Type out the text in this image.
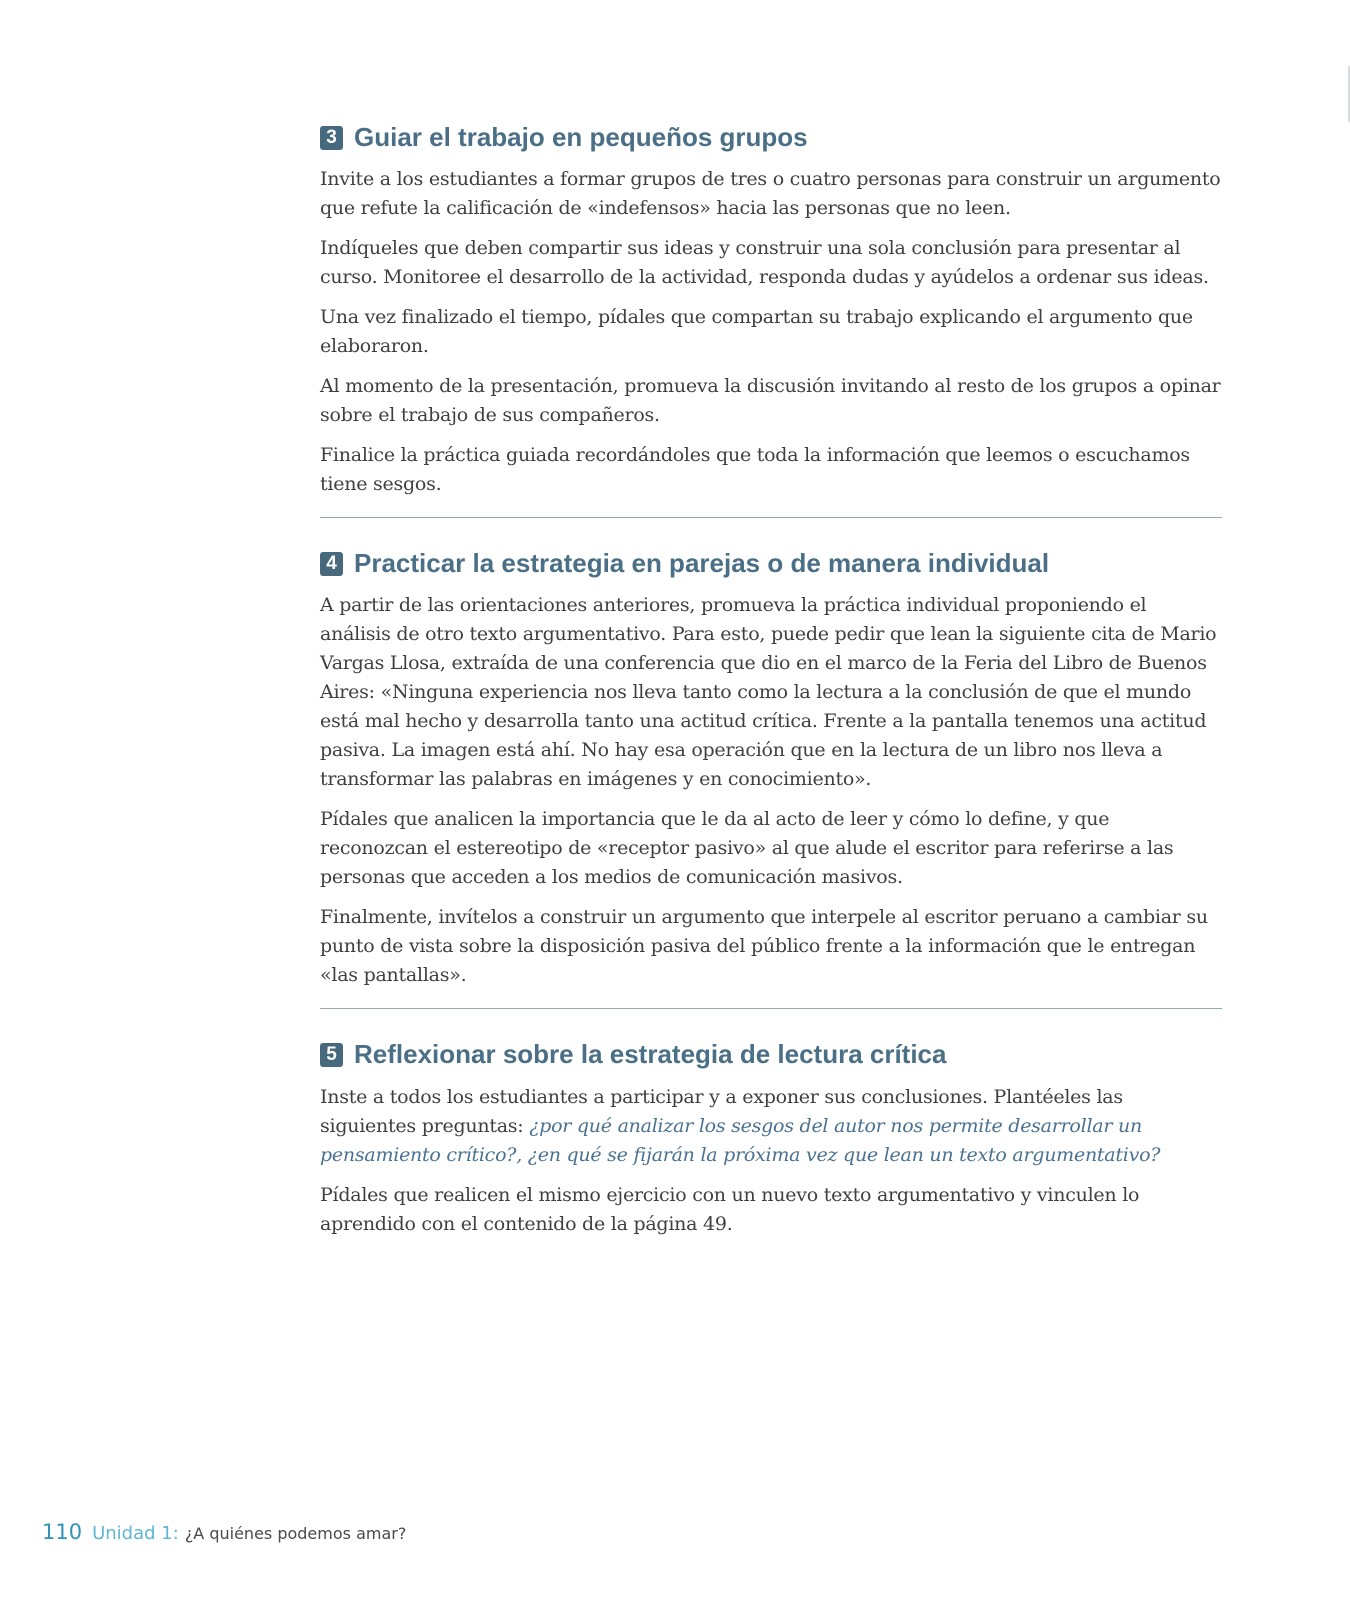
3 Guiar el trabajo en pequeños grupos

Invite a los estudiantes a formar grupos de tres o cuatro personas para construir un argumento que refute la calificación de «indefensos» hacia las personas que no leen.

Indíqueles que deben compartir sus ideas y construir una sola conclusión para presentar al curso. Monitoree el desarrollo de la actividad, responda dudas y ayúdelos a ordenar sus ideas.

Una vez finalizado el tiempo, pídales que compartan su trabajo explicando el argumento que elaboraron.

Al momento de la presentación, promueva la discusión invitando al resto de los grupos a opinar sobre el trabajo de sus compañeros.

Finalice la práctica guiada recordándoles que toda la información que leemos o escuchamos tiene sesgos.

4 Practicar la estrategia en parejas o de manera individual

A partir de las orientaciones anteriores, promueva la práctica individual proponiendo el análisis de otro texto argumentativo. Para esto, puede pedir que lean la siguiente cita de Mario Vargas Llosa, extraída de una conferencia que dio en el marco de la Feria del Libro de Buenos Aires: «Ninguna experiencia nos lleva tanto como la lectura a la conclusión de que el mundo está mal hecho y desarrolla tanto una actitud crítica. Frente a la pantalla tenemos una actitud pasiva. La imagen está ahí. No hay esa operación que en la lectura de un libro nos lleva a transformar las palabras en imágenes y en conocimiento».

Pídales que analicen la importancia que le da al acto de leer y cómo lo define, y que reconozcan el estereotipo de «receptor pasivo» al que alude el escritor para referirse a las personas que acceden a los medios de comunicación masivos.

Finalmente, invítelos a construir un argumento que interpele al escritor peruano a cambiar su punto de vista sobre la disposición pasiva del público frente a la información que le entregan «las pantallas».

5 Reflexionar sobre la estrategia de lectura crítica

Inste a todos los estudiantes a participar y a exponer sus conclusiones. Plantéeles las siguientes preguntas: ¿por qué analizar los sesgos del autor nos permite desarrollar un pensamiento crítico?, ¿en qué se fijarán la próxima vez que lean un texto argumentativo?

Pídales que realicen el mismo ejercicio con un nuevo texto argumentativo y vinculen lo aprendido con el contenido de la página 49.

110 Unidad 1: ¿A quiénes podemos amar?
